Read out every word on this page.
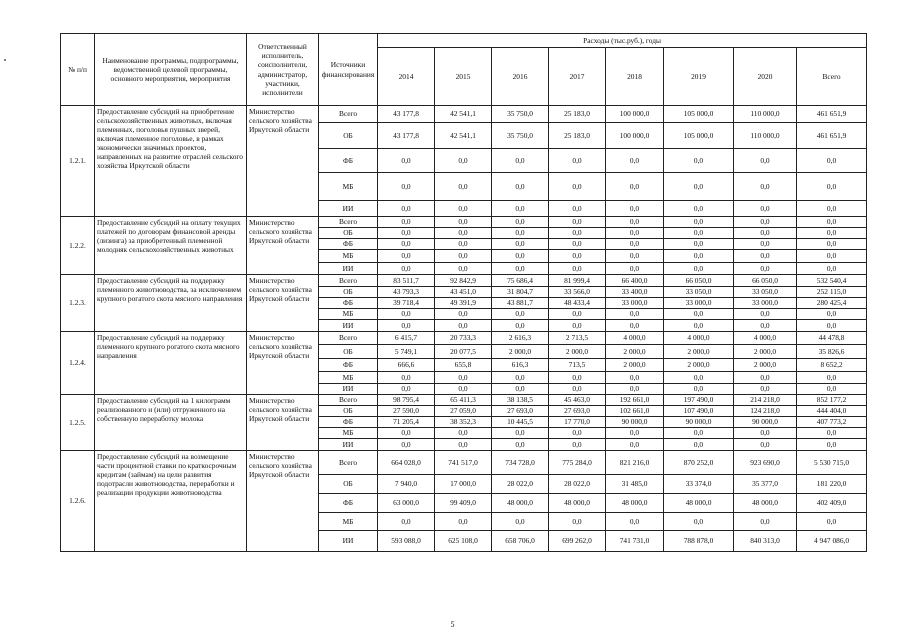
№ п/п	Наименование программы, подпрограммы, ведомственной целевой программы, основного мероприятия, мероприятия	Ответственный исполнитель, соисполнители, администратор, участники, исполнители	Источники финансирования	Расходы (тыс.руб.), годы							
				2014	2015	2016	2017	2018	2019	2020	Всего
1.2.1.	Предоставление субсидий на приобретение сельскохозяйственных животных, включая племенных, поголовья пушных зверей, включая племенное поголовье, в рамках экономически значимых проектов, направленных на развитие отраслей сельского хозяйства Иркутской области	Министерство сельского хозяйства Иркутской области	Всего	43 177,8	42 541,1	35 750,0	25 183,0	100 000,0	105 000,0	110 000,0	461 651,9
			ОБ	43 177,8	42 541,1	35 750,0	25 183,0	100 000,0	105 000,0	110 000,0	461 651,9
			ФБ	0,0	0,0	0,0	0,0	0,0	0,0	0,0	0,0
			МБ	0,0	0,0	0,0	0,0	0,0	0,0	0,0	0,0
			ИИ	0,0	0,0	0,0	0,0	0,0	0,0	0,0	0,0
1.2.2.	Предоставление субсидий на оплату текущих платежей по договорам финансовой аренды (лизинга) за приобретенный племенной молодняк сельскохозяйственных животных	Министерство сельского хозяйства Иркутской области	Всего	0,0	0,0	0,0	0,0	0,0	0,0	0,0	0,0
			ОБ	0,0	0,0	0,0	0,0	0,0	0,0	0,0	0,0
			ФБ	0,0	0,0	0,0	0,0	0,0	0,0	0,0	0,0
			МБ	0,0	0,0	0,0	0,0	0,0	0,0	0,0	0,0
			ИИ	0,0	0,0	0,0	0,0	0,0	0,0	0,0	0,0
1.2.3.	Предоставление субсидий на поддержку племенного животноводства, за исключением крупного рогатого скота мясного направления	Министерство сельского хозяйства Иркутской области	Всего	83 511,7	92 842,9	75 686,4	81 999,4	66 400,0	66 050,0	66 050,0	532 540,4
			ОБ	43 793,3	43 451,0	31 804,7	33 566,0	33 400,0	33 050,0	33 050,0	252 115,0
			ФБ	39 718,4	49 391,9	43 881,7	48 433,4	33 000,0	33 000,0	33 000,0	280 425,4
			МБ	0,0	0,0	0,0	0,0	0,0	0,0	0,0	0,0
			ИИ	0,0	0,0	0,0	0,0	0,0	0,0	0,0	0,0
1.2.4.	Предоставление субсидий на поддержку племенного крупного рогатого скота мясного направления	Министерство сельского хозяйства Иркутской области	Всего	6 415,7	20 733,3	2 616,3	2 713,5	4 000,0	4 000,0	4 000,0	44 478,8
			ОБ	5 749,1	20 077,5	2 000,0	2 000,0	2 000,0	2 000,0	2 000,0	35 826,6
			ФБ	666,6	655,8	616,3	713,5	2 000,0	2 000,0	2 000,0	8 652,2
			МБ	0,0	0,0	0,0	0,0	0,0	0,0	0,0	0,0
			ИИ	0,0	0,0	0,0	0,0	0,0	0,0	0,0	0,0
1.2.5.	Предоставление субсидий на 1 килограмм реализованного и (или) отгруженного на собственную переработку молока	Министерство сельского хозяйства Иркутской области	Всего	98 795,4	65 411,3	38 138,5	45 463,0	192 661,0	197 490,0	214 218,0	852 177,2
			ОБ	27 590,0	27 059,0	27 693,0	27 693,0	102 661,0	107 490,0	124 218,0	444 404,0
			ФБ	71 205,4	38 352,3	10 445,5	17 770,0	90 000,0	90 000,0	90 000,0	407 773,2
			МБ	0,0	0,0	0,0	0,0	0,0	0,0	0,0	0,0
			ИИ	0,0	0,0	0,0	0,0	0,0	0,0	0,0	0,0
1.2.6.	Предоставление субсидий на возмещение части процентной ставки по краткосрочным кредитам (займам) на цели развития подотрасли животноводства, переработки и реализации продукции животноводства	Министерство сельского хозяйства Иркутской области	Всего	664 028,0	741 517,0	734 728,0	775 284,0	821 216,0	870 252,0	923 690,0	5 530 715,0
			ОБ	7 940,0	17 000,0	28 022,0	28 022,0	31 485,0	33 374,0	35 377,0	181 220,0
			ФБ	63 000,0	99 409,0	48 000,0	48 000,0	48 000,0	48 000,0	48 000,0	402 409,0
			МБ	0,0	0,0	0,0	0,0	0,0	0,0	0,0	0,0
			ИИ	593 088,0	625 108,0	658 706,0	699 262,0	741 731,0	788 878,0	840 313,0	4 947 086,0
5
